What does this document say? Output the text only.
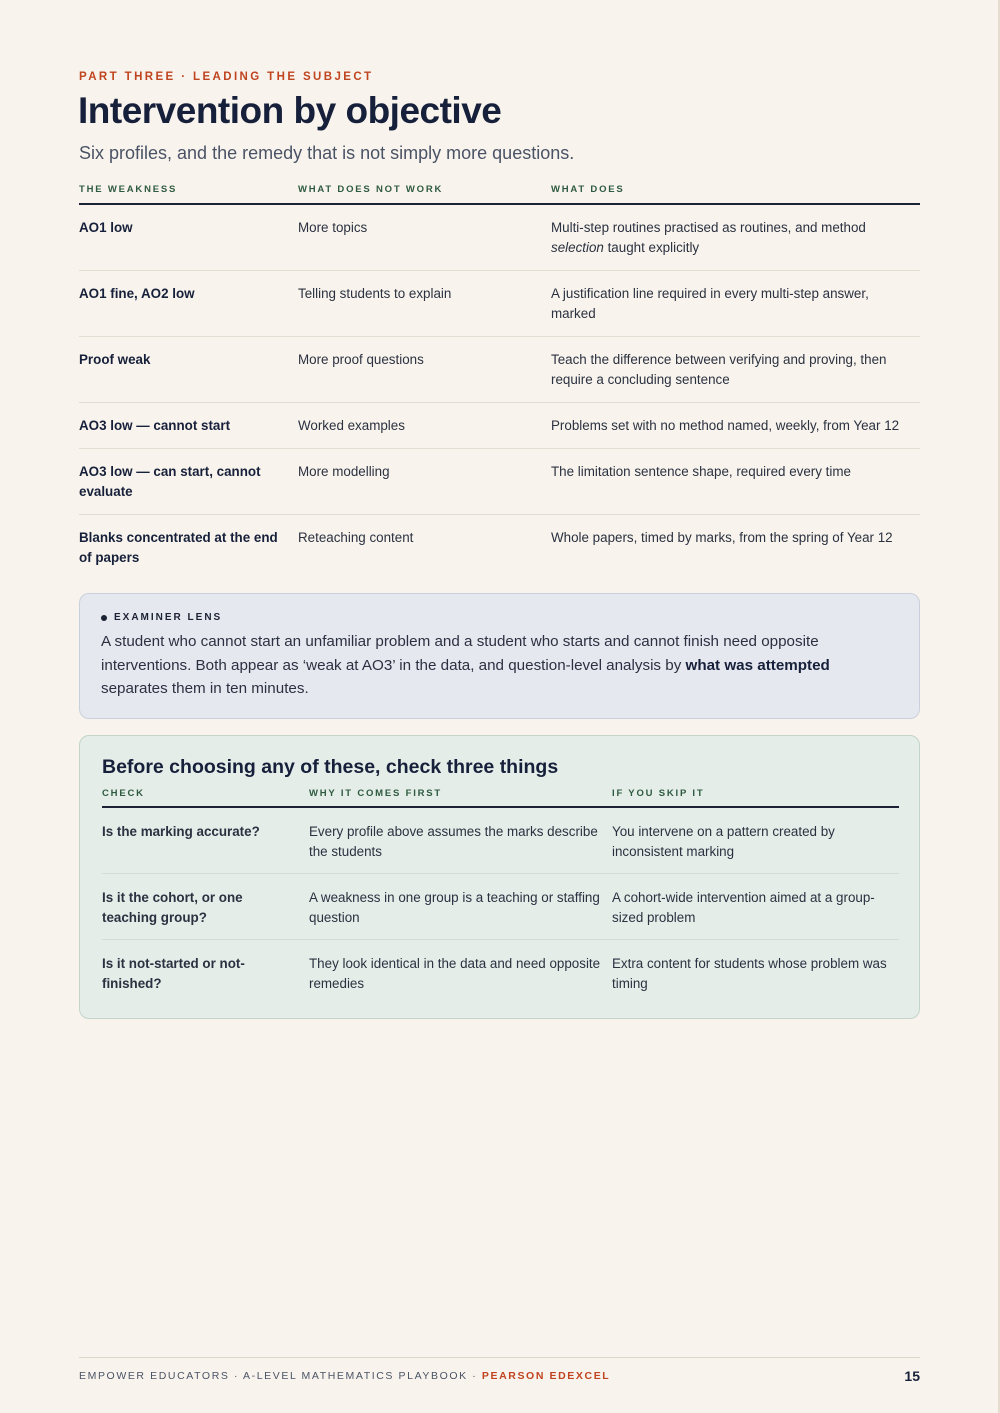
PART THREE · LEADING THE SUBJECT
Intervention by objective
Six profiles, and the remedy that is not simply more questions.
THE WEAKNESS	WHAT DOES NOT WORK	WHAT DOES
AO1 low	More topics	Multi-step routines practised as routines, and method selection taught explicitly
AO1 fine, AO2 low	Telling students to explain	A justification line required in every multi-step answer, marked
Proof weak	More proof questions	Teach the difference between verifying and proving, then require a concluding sentence
AO3 low — cannot start	Worked examples	Problems set with no method named, weekly, from Year 12
AO3 low — can start, cannot evaluate	More modelling	The limitation sentence shape, required every time
Blanks concentrated at the end of papers	Reteaching content	Whole papers, timed by marks, from the spring of Year 12
EXAMINER LENS

A student who cannot start an unfamiliar problem and a student who starts and cannot finish need opposite interventions. Both appear as ‘weak at AO3’ in the data, and question-level analysis by what was attempted separates them in ten minutes.

Before choosing any of these, check three things
CHECK	WHY IT COMES FIRST	IF YOU SKIP IT
Is the marking accurate?	Every profile above assumes the marks describe the students	You intervene on a pattern created by inconsistent marking
Is it the cohort, or one teaching group?	A weakness in one group is a teaching or staffing question	A cohort-wide intervention aimed at a group-sized problem
Is it not-started or not-finished?	They look identical in the data and need opposite remedies	Extra content for students whose problem was timing
EMPOWER EDUCATORS · A-LEVEL MATHEMATICS PLAYBOOK · PEARSON EDEXCEL	15
